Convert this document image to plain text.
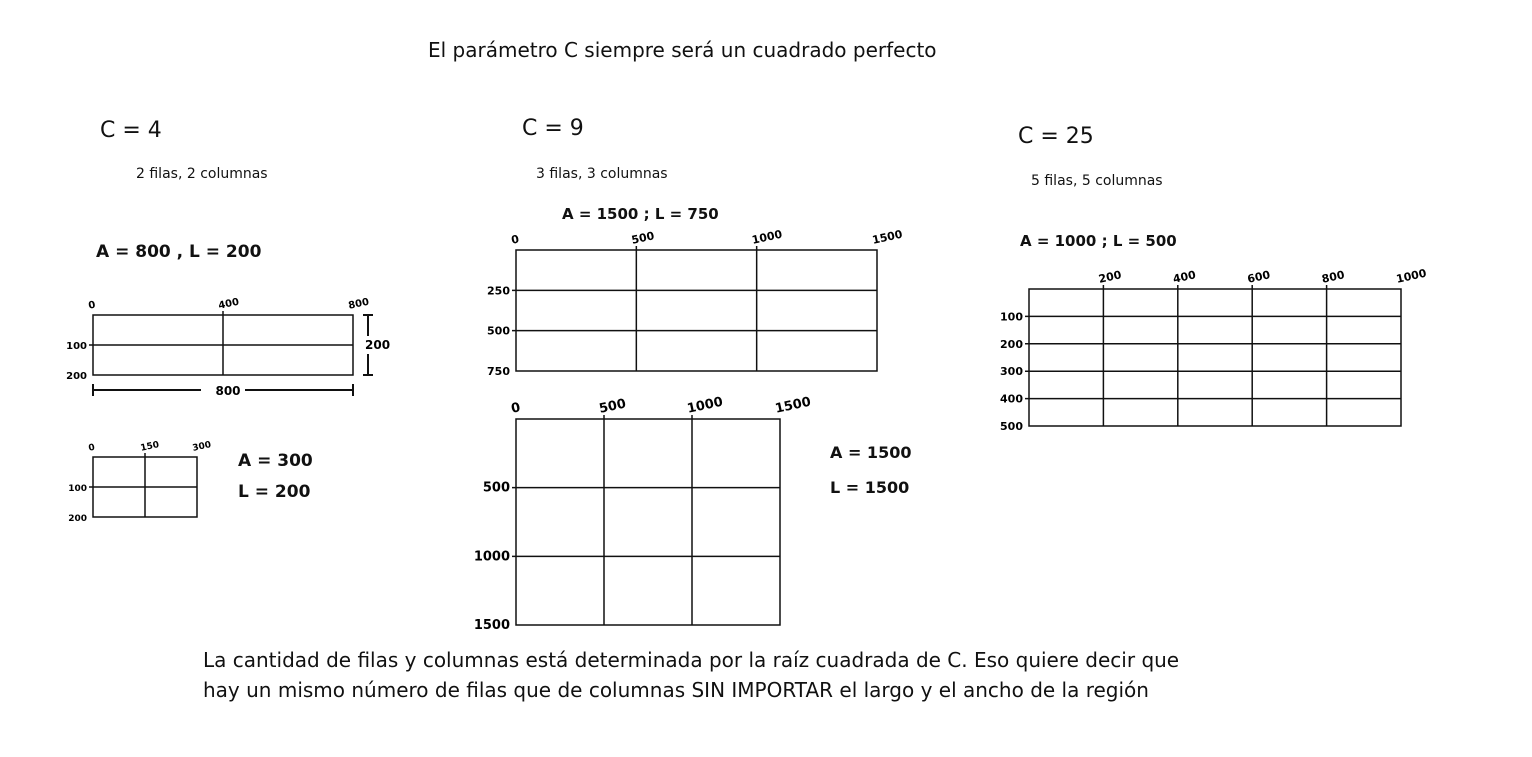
El parámetro C siempre será un cuadrado perfecto
C = 4
2 filas, 2 columnas
A = 800 , L = 200
A = 300
L = 200
C = 9
3 filas, 3 columnas
A = 1500 ; L = 750
A = 1500
L = 1500
C = 25
5 filas, 5 columnas
A = 1000 ; L = 500
La cantidad de filas y columnas está determinada por la raíz cuadrada de C. Eso quiere decir que
hay un mismo número de filas que de columnas SIN IMPORTAR el largo y el ancho de la región
0	400	800
100
200
200
800
0	150	300
100
200
0	500	1000	1500
250
500
750
0	500	1000	1500
500
1000
1500
200	400	600	800	1000
100
200
300
400
500
